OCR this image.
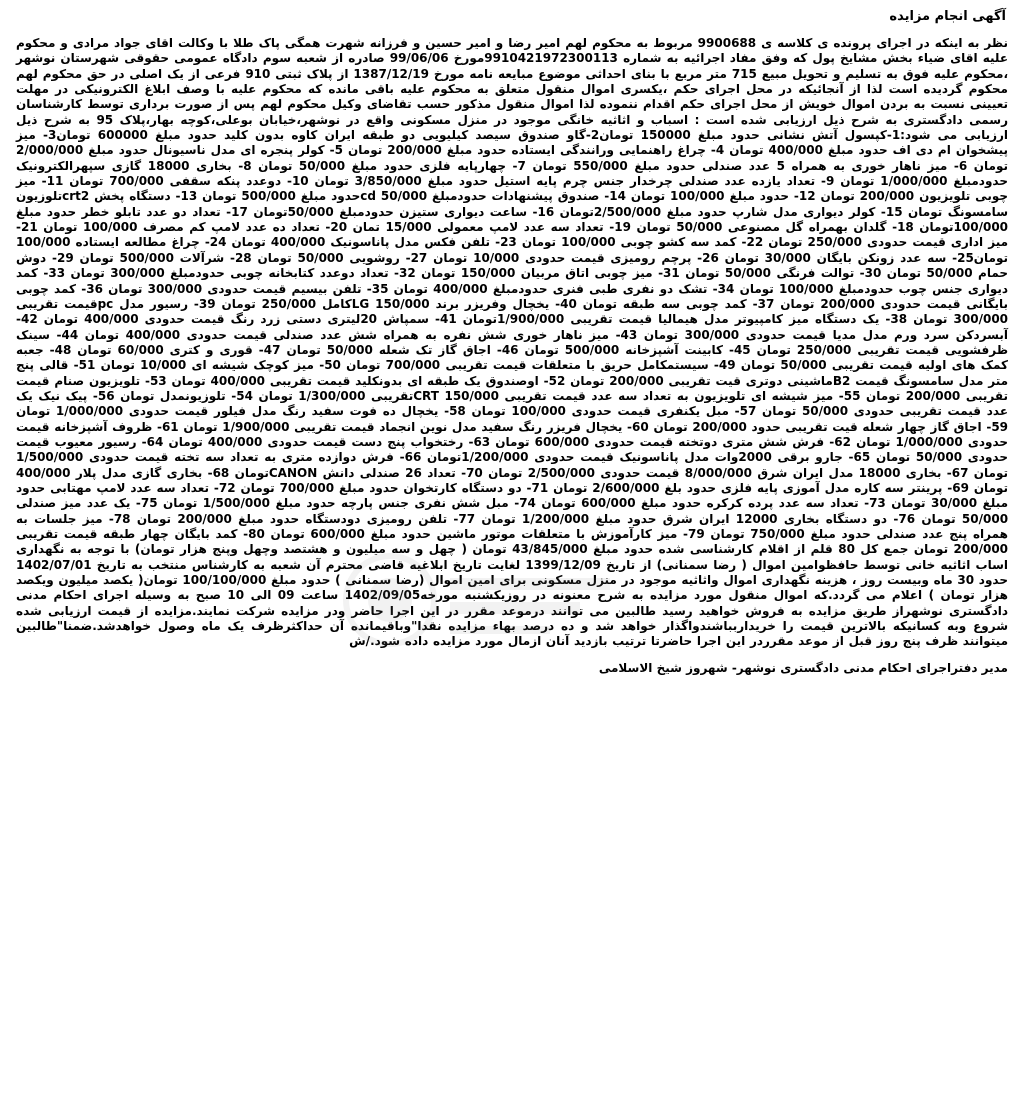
آگهی انجام مزایده

نظر به اینکه در اجرای پرونده ی کلاسه ی 9900688 مربوط به محکوم لهم امیر رضا و امیر حسین و فرزانه شهرت همگی پاک طلا با وکالت اقای جواد مرادی و محکوم علیه اقای ضیاء بخش مشایخ پول که وفق مفاد اجرائیه به شماره 9910421972300113مورخ 99/06/06 صادره از شعبه سوم دادگاه عمومی حقوقی شهرستان نوشهر ،محکوم علیه فوق به تسلیم و تحویل مبیع 715 متر مربع با بنای احداثی موضوع مبایعه نامه مورخ 1387/12/19 از پلاک ثبتی 910 فرعی از یک اصلی در حق محکوم لهم محکوم گردیده است لذا از آنجائیکه در محل اجرای حکم ،یکسری اموال منقول متعلق به محکوم علیه باقی مانده که محکوم علیه با وصف ابلاغ الکترونیکی در مهلت تعیینی نسبت به بردن اموال خویش از محل اجرای حکم اقدام ننموده لذا اموال منقول مذکور حسب تقاضای وکیل محکوم لهم پس از صورت برداری توسط کارشناسان رسمی دادگستری به شرح ذیل ارزیابی شده است : اسباب و اثاثیه خانگی موجود در منزل مسکونی واقع در نوشهر،خیابان بوعلی،کوچه بهار،پلاک 95 به شرح ذیل ارزیابی می شود:1-کپسول آتش نشانی حدود مبلغ 150000 تومان2-گاو صندوق سیصد کیلیویی دو طبقه ایران کاوه بدون کلید حدود مبلغ 600000 تومان3- میز پیشخوان ام دی اف حدود مبلغ 400/000 تومان 4- چراغ راهنمایی ورانندگی ایستاده حدود مبلغ 200/000 تومان 5- کولر پنجره ای مدل ناسیونال حدود مبلغ 2/000/000 تومان 6- میز ناهار خوری به همراه 5 عدد صندلی حدود مبلغ 550/000 تومان 7- چهارپایه فلزی حدود مبلغ 50/000 تومان 8- بخاری 18000 گازی سپهرالکترونیک حدودمبلغ 1/000/000 تومان 9- تعداد یازده عدد صندلی چرخدار جنس چرم پایه استیل حدود مبلغ 3/850/000 تومان 10- دوعدد پنکه سقفی 700/000 تومان 11- میز چوبی تلویزیون 200/000 تومان 12- حدود مبلغ 100/000 تومان 14- صندوق پیشنهادات حدودمبلغ 50/000 cdحدود مبلغ 500/000 تومان 13- دستگاه پخش crt2تلوزیون سامسونگ تومان 15- کولر دیواری مدل شارپ حدود مبلغ 2/500/000تومان 16- ساعت دیواری ستیزن حدودمبلغ 50/000تومان 17- تعداد دو عدد تابلو خطر حدود مبلغ 100/000تومان 18- گلدان بهمراه گل مصنوعی 50/000 تومان 19- تعداد سه عدد لامپ معمولی 15/000 تمان 20- تعداد ده عدد لامپ کم مصرف 100/000 تومان 21- میز اداری قیمت حدودی 250/000 تومان 22- کمد سه کشو چوبی 100/000 تومان 23- تلفن فکس مدل پاناسونیک 400/000 تومان 24- چراغ مطالعه ایستاده 100/000 تومان25- سه عدد زونکن بایگان 30/000 تومان 26- پرچم رومیزی قیمت حدودی 10/000 تومان 27- روشویی 50/000 تومان 28- شرآلات 500/000 تومان 29- دوش حمام 50/000 تومان 30- توالت فرنگی 50/000 تومان 31- میز چوبی اتاق مربیان 150/000 تومان 32- تعداد دوعدد کتابخانه چوبی حدودمبلغ 300/000 تومان 33- کمد دیواری جنس چوب حدودمبلغ 100/000 تومان 34- تشک دو نفری طبی فنری حدودمبلغ 400/000 تومان 35- تلفن بیسیم قیمت حدودی 300/000 تومان 36- کمد چوبی بایگانی قیمت حدودی 200/000 تومان 37- کمد چوبی سه طبقه تومان 40- یخچال وفریزر برند LG 150/000کامل 250/000 تومان 39- رسیور مدل pcقیمت تقریبی 300/000 تومان 38- یک دستگاه میز کامپیوتر مدل هیمالیا قیمت تقریبی 1/900/000تومان 41- سمپاش 20لیتری دستی زرد رنگ قیمت حدودی 400/000 تومان 42- آبسردکن سرد ورم مدل مدیا قیمت حدودی 300/000 تومان 43- میز ناهار خوری شش نفره به همراه شش عدد صندلی قیمت حدودی 400/000 تومان 44- سینک ظرفشویی قیمت تقریبی 250/000 تومان 45- کابینت آشپزخانه 500/000 تومان 46- اجاق گاز تک شعله 50/000 تومان 47- قوری و کتری 60/000 تومان 48- جعبه کمک های اولیه قیمت تقریبی 50/000 تومان 49- سیستمکامل حریق با متعلقات قیمت تقریبی 700/000 تومان 50- میز کوچک شیشه ای 10/000 تومان 51- قالی پنج متر مدل سامسونگ قیمت B2ماشینی دوتری قیت تقریبی 200/000 تومان 52- اوصندوق یک طبقه ای بدونکلید قیمت تقریبی 400/000 تومان 53- تلویزیون صنام قیمت تقریبی 200/000 تومان 55- میز شیشه ای تلویزیون به تعداد سه عدد قیمت تقریبی CRT 150/000تقریبی 1/300/000 تومان 54- تلوزیونمدل تومان 56- پیک نیک یک عدد قیمت تقریبی حدودی 50/000 تومان 57- مبل یکنفری قیمت حدودی 100/000 تومان 58- یخچال ده فوت سفید رنگ مدل فیلور قیمت حدودی 1/000/000 تومان 59- اجاق گاز چهار شعله قیت تقریبی حدود 200/000 تومان 60- یخچال فریزر رنگ سفید مدل نوین انجماد قیمت تقریبی 1/900/000 تومان 61- ظروف آشپزخانه قیمت حدودی 1/000/000 تومان 62- فرش شش متری دوتخته قیمت حدودی 600/000 تومان 63- رختخواب پنج دست قیمت حدودی 400/000 تومان 64- رسیور معیوب قیمت حدودی 50/000 تومان 65- جارو برقی 2000وات مدل پاناسونیک قیمت حدودی 1/200/000تومان 66- فرش دوازده متری به تعداد سه تخته قیمت حدودی 1/500/000 تومان 67- بخاری 18000 مدل ایران شرق 8/000/000 قیمت حدودی 2/500/000 تومان 70- تعداد 26 صندلی دانش CANONتومان 68- بخاری گازی مدل پلار 400/000 تومان 69- پرینتر سه کاره مدل آموزی پایه فلزی حدود بلغ 2/600/000 تومان 71- دو دستگاه کارتخوان حدود مبلغ 700/000 تومان 72- تعداد سه عدد لامپ مهتابی حدود مبلغ 30/000 تومان 73- تعداد سه عدد پرده کرکره حدود مبلغ 600/000 تومان 74- مبل شش نفری جنس پارچه حدود مبلغ 1/500/000 تومان 75- یک عدد میز صندلی 50/000 تومان 76- دو دستگاه بخاری 12000 ایران شرق حدود مبلغ 1/200/000 تومان 77- تلفن رومیزی دودستگاه حدود مبلغ 200/000 تومان 78- میز جلسات به همراه پنج عدد صندلی حدود مبلغ 750/000 تومان 79- میز کارآموزش با متعلقات موتور ماشین حدود مبلغ 600/000 تومان 80- کمد بایگان چهار طبقه قیمت تقریبی 200/000 تومان جمع کل 80 قلم از اقلام کارشناسی شده حدود مبلغ 43/845/000 تومان ( چهل و سه میلیون و هشتصد وچهل وپنج هزار تومان) با توجه به نگهداری اساب اثاثیه خانی توسط حافظوامین اموال ( رضا سمنانی) از تاریخ 1399/12/09 لغایت تاریخ ابلاغیه قاضی محترم آن شعبه به کارشناس منتخب به تاریخ 1402/07/01 حدود 30 ماه وبیست روز ، هزینه نگهداری اموال واثاثیه موجود در منزل مسکونی برای امین اموال (رضا سمنانی ) حدود مبلغ 100/100/000 تومان( یکصد میلیون ویکصد هزار تومان ) اعلام می گردد.که اموال منقول مورد مزایده به شرح معنونه در روزیکشنبه مورخه1402/09/05 ساعت 09 الی 10 صبح به وسیله اجرای احکام مدنی دادگستری نوشهراز طریق مزایده به فروش خواهید رسید طالبین می توانند درموعد مقرر در این اجرا حاضر ودر مزایده شرکت نمایند.مزایده از قیمت ارزیابی شده شروع وبه کسانیکه بالاترین قیمت را خریداربباشندواگذار خواهد شد و ده درصد بهاء مزایده نقدا"وباقیمانده آن حداکثرظرف یک ماه وصول خواهدشد.ضمنا"طالبین میتوانند ظرف پنج روز قبل از موعد مقرردر این اجرا حاضرتا ترتیب بازدید آنان ازمال مورد مزایده داده شود./ش

مدیر دفتراجرای احکام مدنی دادگستری نوشهر- شهروز شیخ الاسلامی
